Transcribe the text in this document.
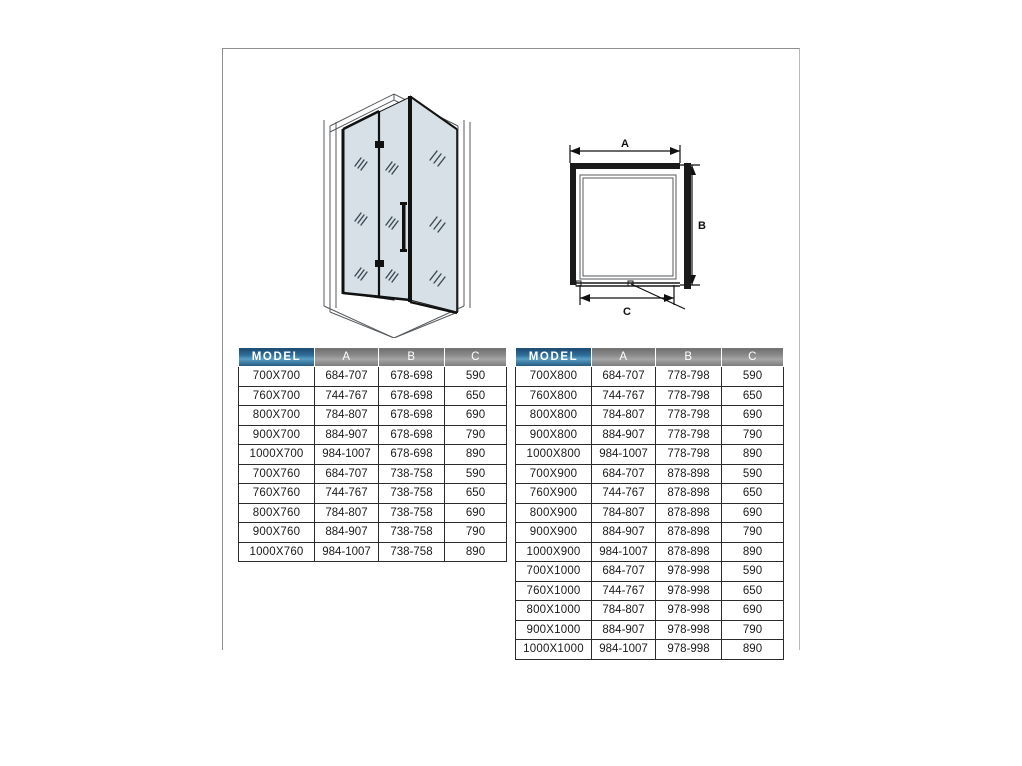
A
B
C
MODEL	A	B	C
700X700	684-707	678-698	590
760X700	744-767	678-698	650
800X700	784-807	678-698	690
900X700	884-907	678-698	790
1000X700	984-1007	678-698	890
700X760	684-707	738-758	590
760X760	744-767	738-758	650
800X760	784-807	738-758	690
900X760	884-907	738-758	790
1000X760	984-1007	738-758	890
MODEL	A	B	C
700X800	684-707	778-798	590
760X800	744-767	778-798	650
800X800	784-807	778-798	690
900X800	884-907	778-798	790
1000X800	984-1007	778-798	890
700X900	684-707	878-898	590
760X900	744-767	878-898	650
800X900	784-807	878-898	690
900X900	884-907	878-898	790
1000X900	984-1007	878-898	890
700X1000	684-707	978-998	590
760X1000	744-767	978-998	650
800X1000	784-807	978-998	690
900X1000	884-907	978-998	790
1000X1000	984-1007	978-998	890
